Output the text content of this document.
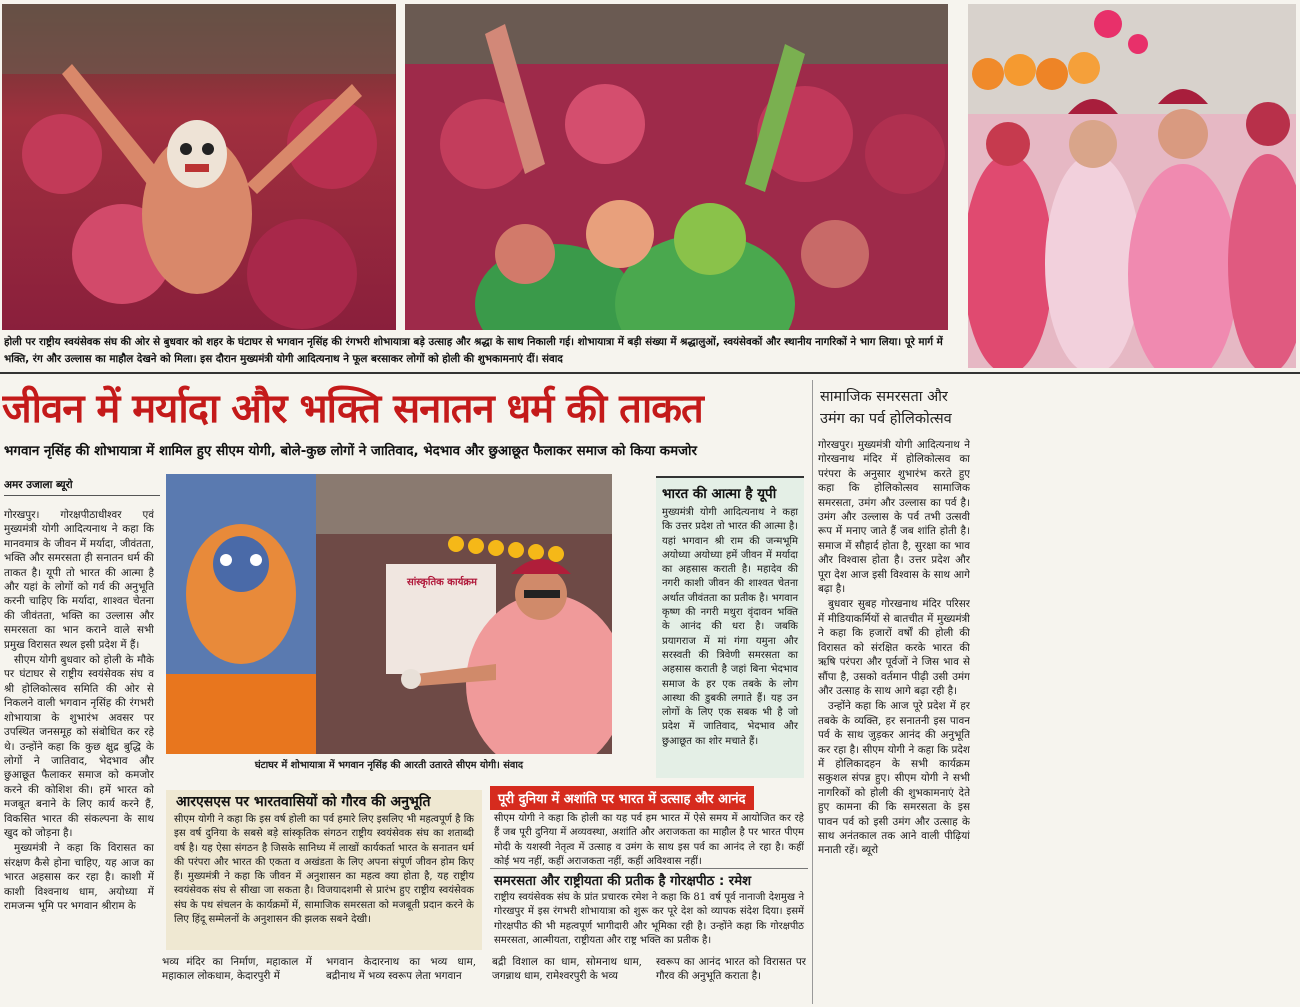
होली पर राष्ट्रीय स्वयंसेवक संघ की ओर से बुधवार को शहर के घंटाघर से भगवान नृसिंह की रंगभरी शोभायात्रा बड़े उत्साह और श्रद्धा के साथ निकाली गई। शोभायात्रा में बड़ी संख्या में श्रद्धालुओं, स्वयंसेवकों और स्थानीय नागरिकों ने भाग लिया। पूरे मार्ग में भक्ति, रंग और उल्लास का माहौल देखने को मिला। इस दौरान मुख्यमंत्री योगी आदित्यनाथ ने फूल बरसाकर लोगों को होली की शुभकामनाएं दीं। संवाद
जीवन में मर्यादा और भक्ति सनातन धर्म की ताकत
भगवान नृसिंह की शोभायात्रा में शामिल हुए सीएम योगी, बोले-कुछ लोगों ने जातिवाद, भेदभाव और छुआछूत फैलाकर समाज को किया कमजोर
अमर उजाला ब्यूरो

गोरखपुर। गोरक्षपीठाधीश्वर एवं मुख्यमंत्री योगी आदित्यनाथ ने कहा कि मानवमात्र के जीवन में मर्यादा, जीवंतता, भक्ति और समरसता ही सनातन धर्म की ताकत है। यूपी तो भारत की आत्मा है और यहां के लोगों को गर्व की अनुभूति करनी चाहिए कि मर्यादा, शाश्वत चेतना की जीवंतता, भक्ति का उल्लास और समरसता का भान कराने वाले सभी प्रमुख विरासत स्थल इसी प्रदेश में हैं।

सीएम योगी बुधवार को होली के मौके पर घंटाघर से राष्ट्रीय स्वयंसेवक संघ व श्री होलिकोत्सव समिति की ओर से निकलने वाली भगवान नृसिंह की रंगभरी शोभायात्रा के शुभारंभ अवसर पर उपस्थित जनसमूह को संबोधित कर रहे थे। उन्होंने कहा कि कुछ क्षुद्र बुद्धि के लोगों ने जातिवाद, भेदभाव और छुआछूत फैलाकर समाज को कमजोर करने की कोशिश की। हमें भारत को मजबूत बनाने के लिए कार्य करने हैं, विकसित भारत की संकल्पना के साथ खुद को जोड़ना है।

मुख्यमंत्री ने कहा कि विरासत का संरक्षण कैसे होना चाहिए, यह आज का भारत अहसास कर रहा है। काशी में काशी विश्वनाथ धाम, अयोध्या में रामजन्म भूमि पर भगवान श्रीराम के

सांस्कृतिक कार्यक्रम
घंटाघर में शोभायात्रा में भगवान नृसिंह की आरती उतारते सीएम योगी। संवाद
भारत की आत्मा है यूपी
मुख्यमंत्री योगी आदित्यनाथ ने कहा कि उत्तर प्रदेश तो भारत की आत्मा है। यहां भगवान श्री राम की जन्मभूमि अयोध्या अयोध्या हमें जीवन में मर्यादा का अहसास कराती है। महादेव की नगरी काशी जीवन की शाश्वत चेतना अर्थात जीवंतता का प्रतीक है। भगवान कृष्ण की नगरी मथुरा वृंदावन भक्ति के आनंद की धरा है। जबकि प्रयागराज में मां गंगा यमुना और सरस्वती की त्रिवेणी समरसता का अहसास कराती है जहां बिना भेदभाव समाज के हर एक तबके के लोग आस्था की डुबकी लगाते हैं। यह उन लोगों के लिए एक सबक भी है जो प्रदेश में जातिवाद, भेदभाव और छुआछूत का शोर मचाते हैं।
आरएसएस पर भारतवासियों को गौरव की अनुभूति
सीएम योगी ने कहा कि इस वर्ष होली का पर्व हमारे लिए इसलिए भी महत्वपूर्ण है कि इस वर्ष दुनिया के सबसे बड़े सांस्कृतिक संगठन राष्ट्रीय स्वयंसेवक संघ का शताब्दी वर्ष है। यह ऐसा संगठन है जिसके सानिध्य में लाखों कार्यकर्ता भारत के सनातन धर्म की परंपरा और भारत की एकता व अखंडता के लिए अपना संपूर्ण जीवन होम किए हैं। मुख्यमंत्री ने कहा कि जीवन में अनुशासन का महत्व क्या होता है, यह राष्ट्रीय स्वयंसेवक संघ से सीखा जा सकता है। विजयादशमी से प्रारंभ हुए राष्ट्रीय स्वयंसेवक संघ के पथ संचलन के कार्यक्रमों में, सामाजिक समरसता को मजबूती प्रदान करने के लिए हिंदू सम्मेलनों के अनुशासन की झलक सबने देखी।
पूरी दुनिया में अशांति पर भारत में उत्साह और आनंद
सीएम योगी ने कहा कि होली का यह पर्व हम भारत में ऐसे समय में आयोजित कर रहे हैं जब पूरी दुनिया में अव्यवस्था, अशांति और अराजकता का माहौल है पर भारत पीएम मोदी के यशस्वी नेतृत्व में उत्साह व उमंग के साथ इस पर्व का आनंद ले रहा है। कहीं कोई भय नहीं, कहीं अराजकता नहीं, कहीं अविश्वास नहीं।
समरसता और राष्ट्रीयता की प्रतीक है गोरक्षपीठ : रमेश
राष्ट्रीय स्वयंसेवक संघ के प्रांत प्रचारक रमेश ने कहा कि 81 वर्ष पूर्व नानाजी देशमुख ने गोरखपुर में इस रंगभरी शोभायात्रा को शुरू कर पूरे देश को व्यापक संदेश दिया। इसमें गोरक्षपीठ की भी महत्वपूर्ण भागीदारी और भूमिका रही है। उन्होंने कहा कि गोरक्षपीठ समरसता, आत्मीयता, राष्ट्रीयता और राष्ट्र भक्ति का प्रतीक है।
भव्य मंदिर का निर्माण, महाकाल में महाकाल लोकधाम, केदारपुरी में
भगवान केदारनाथ का भव्य धाम, बद्रीनाथ में भव्य स्वरूप लेता भगवान
बद्री विशाल का धाम, सोमनाथ धाम, जगन्नाथ धाम, रामेश्वरपुरी के भव्य
स्वरूप का आनंद भारत को विरासत पर गौरव की अनुभूति कराता है।
सामाजिक समरसता और उमंग का पर्व होलिकोत्सव

गोरखपुर। मुख्यमंत्री योगी आदित्यनाथ ने गोरखनाथ मंदिर में होलिकोत्सव का परंपरा के अनुसार शुभारंभ करते हुए कहा कि होलिकोत्सव सामाजिक समरसता, उमंग और उल्लास का पर्व है। उमंग और उल्लास के पर्व तभी उत्सवी रूप में मनाए जाते हैं जब शांति होती है। समाज में सौहार्द होता है, सुरक्षा का भाव और विश्वास होता है। उत्तर प्रदेश और पूरा देश आज इसी विश्वास के साथ आगे बढ़ा है।

बुधवार सुबह गोरखनाथ मंदिर परिसर में मीडियाकर्मियों से बातचीत में मुख्यमंत्री ने कहा कि हजारों वर्षों की होली की विरासत को संरक्षित करके भारत की ऋषि परंपरा और पूर्वजों ने जिस भाव से सौंपा है, उसको वर्तमान पीढ़ी उसी उमंग और उत्साह के साथ आगे बढ़ा रही है।

उन्होंने कहा कि आज पूरे प्रदेश में हर तबके के व्यक्ति, हर सनातनी इस पावन पर्व के साथ जुड़कर आनंद की अनुभूति कर रहा है। सीएम योगी ने कहा कि प्रदेश में होलिकादहन के सभी कार्यक्रम सकुशल संपन्न हुए। सीएम योगी ने सभी नागरिकों को होली की शुभकामनाएं देते हुए कामना की कि समरसता के इस पावन पर्व को इसी उमंग और उत्साह के साथ अनंतकाल तक आने वाली पीढ़ियां मनाती रहें। ब्यूरो
